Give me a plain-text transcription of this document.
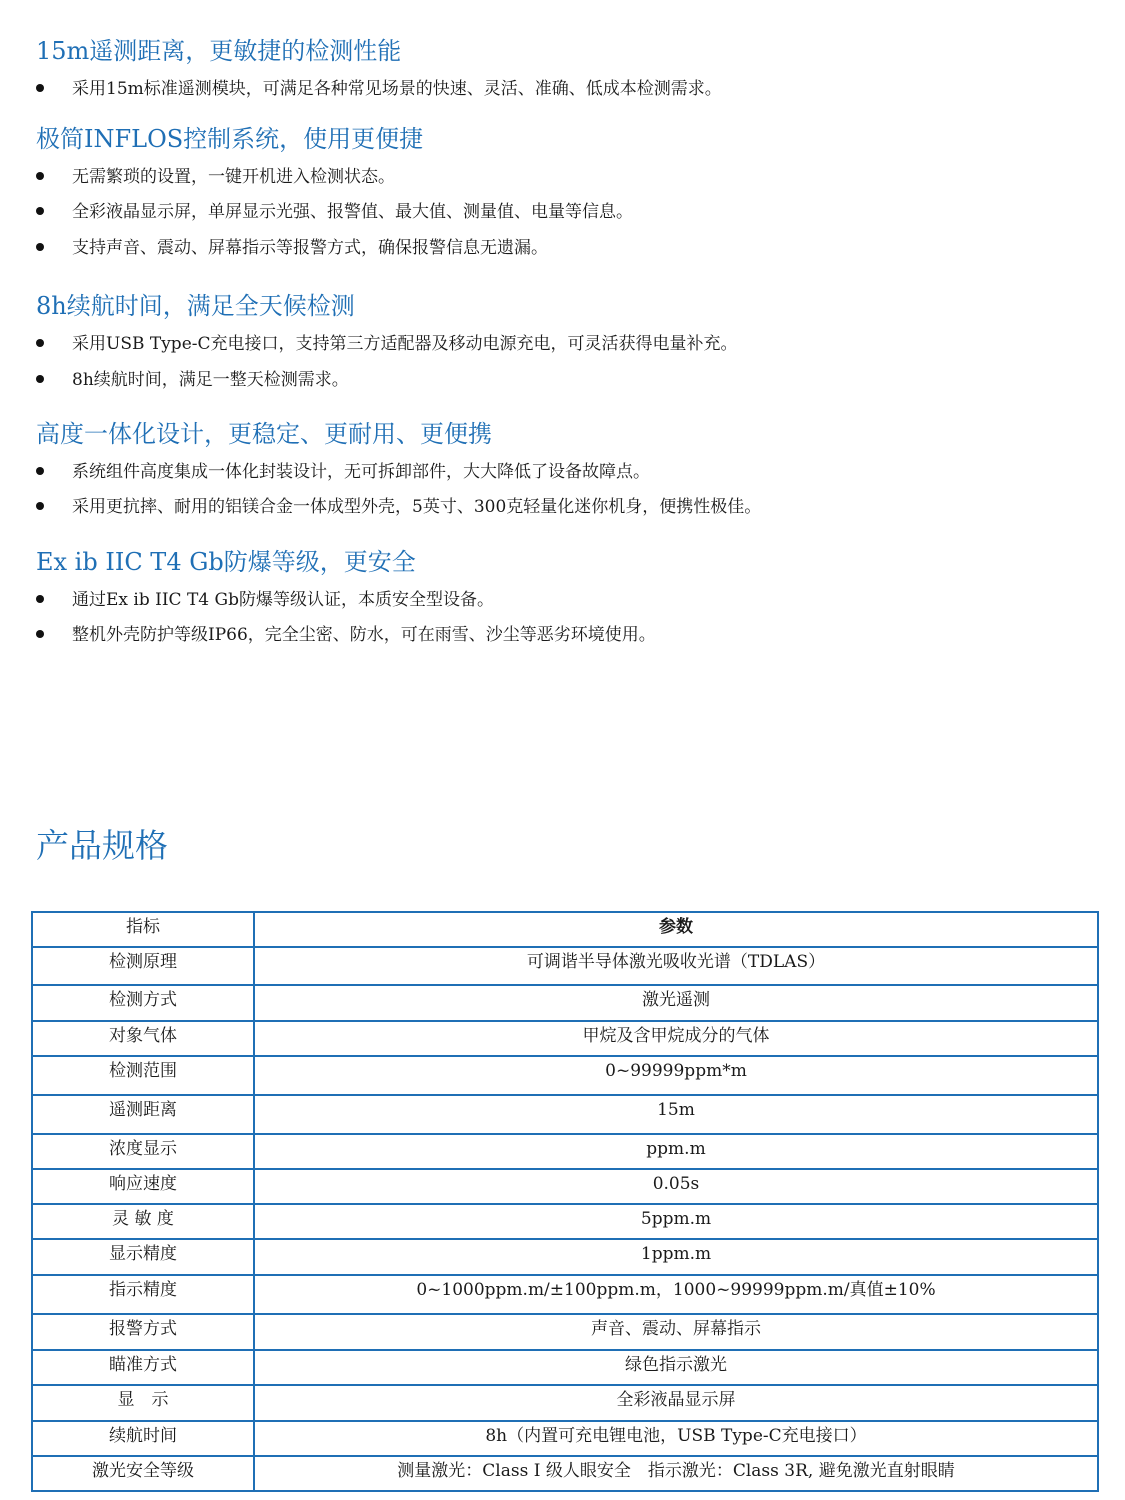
15m遥测距离，更敏捷的检测性能
采用15m标准遥测模块，可满足各种常见场景的快速、灵活、准确、低成本检测需求。
极简INFLOS控制系统，使用更便捷
无需繁琐的设置，一键开机进入检测状态。
全彩液晶显示屏，单屏显示光强、报警值、最大值、测量值、电量等信息。
支持声音、震动、屏幕指示等报警方式，确保报警信息无遗漏。
8h续航时间，满足全天候检测
采用USB Type-C充电接口，支持第三方适配器及移动电源充电，可灵活获得电量补充。
8h续航时间，满足一整天检测需求。
高度一体化设计，更稳定、更耐用、更便携
系统组件高度集成一体化封装设计，无可拆卸部件，大大降低了设备故障点。
采用更抗摔、耐用的铝镁合金一体成型外壳，5英寸、300克轻量化迷你机身，便携性极佳。
Ex ib IIC T4 Gb防爆等级，更安全
通过Ex ib IIC T4 Gb防爆等级认证，本质安全型设备。
整机外壳防护等级IP66，完全尘密、防水，可在雨雪、沙尘等恶劣环境使用。
产品规格
指标	参数
检测原理	可调谐半导体激光吸收光谱（TDLAS）
检测方式	激光遥测
对象气体	甲烷及含甲烷成分的气体
检测范围	0~99999ppm*m
遥测距离	15m
浓度显示	ppm.m
响应速度	0.05s
灵 敏 度	5ppm.m
显示精度	1ppm.m
指示精度	0~1000ppm.m/±100ppm.m，1000~99999ppm.m/真值±10%
报警方式	声音、震动、屏幕指示
瞄准方式	绿色指示激光
显　示	全彩液晶显示屏
续航时间	8h（内置可充电锂电池，USB Type-C充电接口）
激光安全等级	测量激光：Class I 级人眼安全　指示激光：Class 3R, 避免激光直射眼睛
